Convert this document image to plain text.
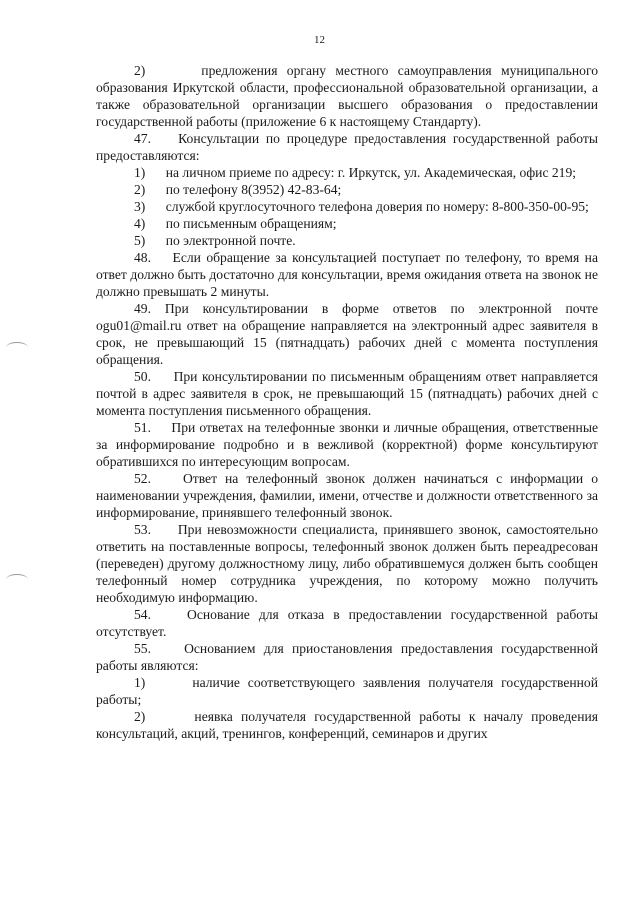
12

2)      предложения органу местного самоуправления муниципального образования Иркутской области, профессиональной образовательной организации, а также образовательной организации высшего образования о предоставлении государственной работы (приложение 6 к настоящему Стандарту).

47.    Консультации по процедуре предоставления государственной работы предоставляются:

1)      на личном приеме по адресу: г. Иркутск, ул. Академическая, офис 219;

2)      по телефону 8(3952) 42-83-64;

3)      службой круглосуточного телефона доверия по номеру: 8-800-350-00-95;

4)      по письменным обращениям;

5)      по электронной почте.

48.    Если обращение за консультацией поступает по телефону, то время на ответ должно быть достаточно для консультации, время ожидания ответа на звонок не должно превышать 2 минуты.

49. При консультировании в форме ответов по электронной почте ogu01@mail.ru ответ на обращение направляется на электронный адрес заявителя в срок, не превышающий 15 (пятнадцать) рабочих дней с момента поступления обращения.

50.     При консультировании по письменным обращениям ответ направляется почтой в адрес заявителя в срок, не превышающий 15 (пятнадцать) рабочих дней с момента поступления письменного обращения.

51.     При ответах на телефонные звонки и личные обращения, ответственные за информирование подробно и в вежливой (корректной) форме консультируют обратившихся по интересующим вопросам.

52.    Ответ на телефонный звонок должен начинаться с информации о наименовании учреждения, фамилии, имени, отчестве и должности ответственного за информирование, принявшего телефонный звонок.

53.     При невозможности специалиста, принявшего звонок, самостоятельно ответить на поставленные вопросы, телефонный звонок должен быть переадресован (переведен) другому должностному лицу, либо обратившемуся должен быть сообщен телефонный номер сотрудника учреждения, по которому можно получить необходимую информацию.

54.    Основание для отказа в предоставлении государственной работы отсутствует.

55.    Основанием для приостановления предоставления государственной работы являются:

1)      наличие соответствующего заявления получателя государственной работы;

2)      неявка получателя государственной работы к началу проведения консультаций, акций, тренингов, конференций, семинаров и других
